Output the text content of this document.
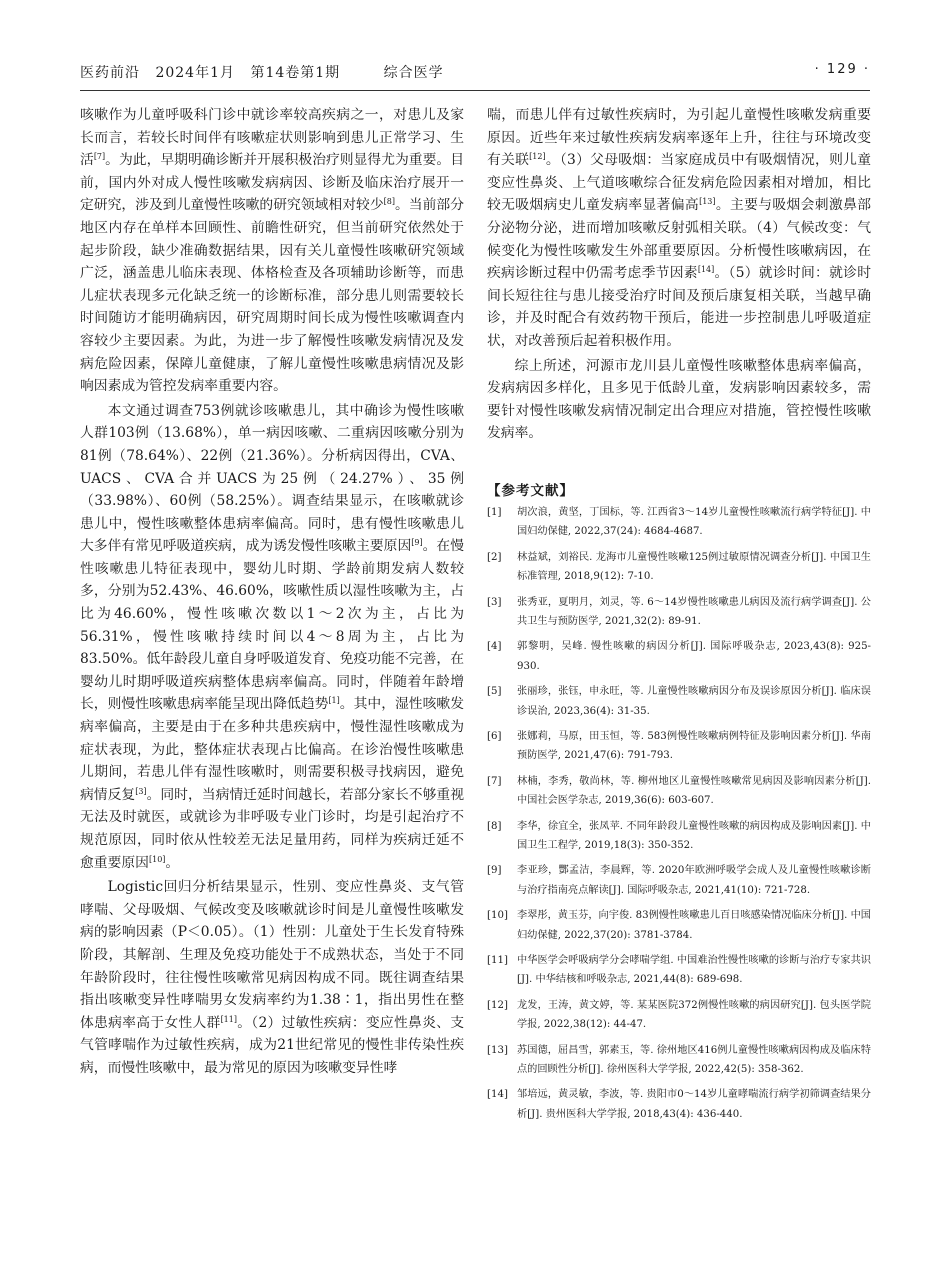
医药前沿 2024年1月 第14卷第1期	综合医学	· 129 ·

咳嗽作为儿童呼吸科门诊中就诊率较高疾病之一，对患儿及家长而言，若较长时间伴有咳嗽症状则影响到患儿正常学习、生活[7]。为此，早期明确诊断并开展积极治疗则显得尤为重要。目前，国内外对成人慢性咳嗽发病病因、诊断及临床治疗展开一定研究，涉及到儿童慢性咳嗽的研究领域相对较少[8]。当前部分地区内存在单样本回顾性、前瞻性研究，但当前研究依然处于起步阶段，缺少准确数据结果，因有关儿童慢性咳嗽研究领域广泛，涵盖患儿临床表现、体格检查及各项辅助诊断等，而患儿症状表现多元化缺乏统一的诊断标准，部分患儿则需要较长时间随访才能明确病因，研究周期时间长成为慢性咳嗽调查内容较少主要因素。为此，为进一步了解慢性咳嗽发病情况及发病危险因素，保障儿童健康，了解儿童慢性咳嗽患病情况及影响因素成为管控发病率重要内容。

本文通过调查753例就诊咳嗽患儿，其中确诊为慢性咳嗽人群103例（13.68%），单一病因咳嗽、二重病因咳嗽分别为81例（78.64%）、22例（21.36%）。分析病因得出，CVA、UACS、CVA合并UACS为25例（24.27%）、35例（33.98%）、60例（58.25%）。调查结果显示，在咳嗽就诊患儿中，慢性咳嗽整体患病率偏高。同时，患有慢性咳嗽患儿大多伴有常见呼吸道疾病，成为诱发慢性咳嗽主要原因[9]。在慢性咳嗽患儿特征表现中，婴幼儿时期、学龄前期发病人数较多，分别为52.43%、46.60%，咳嗽性质以湿性咳嗽为主，占比为46.60%，慢性咳嗽次数以1～2次为主，占比为56.31%，慢性咳嗽持续时间以4～8周为主，占比为83.50%。低年龄段儿童自身呼吸道发育、免疫功能不完善，在婴幼儿时期呼吸道疾病整体患病率偏高。同时，伴随着年龄增长，则慢性咳嗽患病率能呈现出降低趋势[1]。其中，湿性咳嗽发病率偏高，主要是由于在多种共患疾病中，慢性湿性咳嗽成为症状表现，为此，整体症状表现占比偏高。在诊治慢性咳嗽患儿期间，若患儿伴有湿性咳嗽时，则需要积极寻找病因，避免病情反复[3]。同时，当病情迁延时间越长，若部分家长不够重视无法及时就医，或就诊为非呼吸专业门诊时，均是引起治疗不规范原因，同时依从性较差无法足量用药，同样为疾病迁延不愈重要原因[10]。

Logistic回归分析结果显示，性别、变应性鼻炎、支气管哮喘、父母吸烟、气候改变及咳嗽就诊时间是儿童慢性咳嗽发病的影响因素（P＜0.05）。（1）性别：儿童处于生长发育特殊阶段，其解剖、生理及免疫功能处于不成熟状态，当处于不同年龄阶段时，往往慢性咳嗽常见病因构成不同。既往调查结果指出咳嗽变异性哮喘男女发病率约为1.38∶1，指出男性在整体患病率高于女性人群[11]。（2）过敏性疾病：变应性鼻炎、支气管哮喘作为过敏性疾病，成为21世纪常见的慢性非传染性疾病，而慢性咳嗽中，最为常见的原因为咳嗽变异性哮

喘，而患儿伴有过敏性疾病时，为引起儿童慢性咳嗽发病重要原因。近些年来过敏性疾病发病率逐年上升，往往与环境改变有关联[12]。（3）父母吸烟：当家庭成员中有吸烟情况，则儿童变应性鼻炎、上气道咳嗽综合征发病危险因素相对增加，相比较无吸烟病史儿童发病率显著偏高[13]。主要与吸烟会刺激鼻部分泌物分泌，进而增加咳嗽反射弧相关联。（4）气候改变：气候变化为慢性咳嗽发生外部重要原因。分析慢性咳嗽病因，在疾病诊断过程中仍需考虑季节因素[14]。（5）就诊时间：就诊时间长短往往与患儿接受治疗时间及预后康复相关联，当越早确诊，并及时配合有效药物干预后，能进一步控制患儿呼吸道症状，对改善预后起着积极作用。

综上所述，河源市龙川县儿童慢性咳嗽整体患病率偏高，发病病因多样化，且多见于低龄儿童，发病影响因素较多，需要针对慢性咳嗽发病情况制定出合理应对措施，管控慢性咳嗽发病率。

【参考文献】
[1] 胡次浪，黄坚，丁国标，等. 江西省3～14岁儿童慢性咳嗽流行病学特征[J]. 中国妇幼保健, 2022,37(24): 4684-4687.
[2] 林益斌，刘裕民. 龙海市儿童慢性咳嗽125例过敏原情况调查分析[J]. 中国卫生标准管理, 2018,9(12): 7-10.
[3] 张秀亚，夏明月，刘灵，等. 6～14岁慢性咳嗽患儿病因及流行病学调查[J]. 公共卫生与预防医学, 2021,32(2): 89-91.
[4] 郭黎明，吴峰. 慢性咳嗽的病因分析[J]. 国际呼吸杂志, 2023,43(8): 925-930.
[5] 张丽珍，张钰，申永旺，等. 儿童慢性咳嗽病因分布及误诊原因分析[J]. 临床误诊误治, 2023,36(4): 31-35.
[6] 张娜莉，马原，田玉恒，等. 583例慢性咳嗽病例特征及影响因素分析[J]. 华南预防医学, 2021,47(6): 791-793.
[7] 林楠，李秀，敬尚林，等. 柳州地区儿童慢性咳嗽常见病因及影响因素分析[J]. 中国社会医学杂志, 2019,36(6): 603-607.
[8] 李华，徐宜全，张凤苹. 不同年龄段儿童慢性咳嗽的病因构成及影响因素[J]. 中国卫生工程学, 2019,18(3): 350-352.
[9] 李亚珍，酆孟洁，李晨辉，等. 2020年欧洲呼吸学会成人及儿童慢性咳嗽诊断与治疗指南亮点解读[J]. 国际呼吸杂志, 2021,41(10): 721-728.
[10] 李翠彤，黄玉芬，向宇俊. 83例慢性咳嗽患儿百日咳感染情况临床分析[J]. 中国妇幼保健, 2022,37(20): 3781-3784.
[11] 中华医学会呼吸病学分会哮喘学组. 中国难治性慢性咳嗽的诊断与治疗专家共识[J]. 中华结核和呼吸杂志, 2021,44(8): 689-698.
[12] 龙发，王涛，黄文婷，等. 某某医院372例慢性咳嗽的病因研究[J]. 包头医学院学报, 2022,38(12): 44-47.
[13] 苏国德，屈昌雪，郭素玉，等. 徐州地区416例儿童慢性咳嗽病因构成及临床特点的回顾性分析[J]. 徐州医科大学学报, 2022,42(5): 358-362.
[14] 邹培远，黄灵敏，李波，等. 贵阳市0～14岁儿童哮喘流行病学初筛调查结果分析[J]. 贵州医科大学学报, 2018,43(4): 436-440.
